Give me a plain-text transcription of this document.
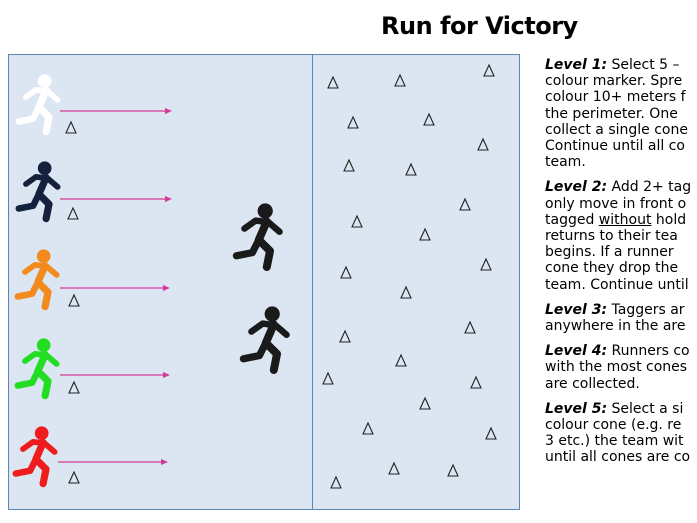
Run for Victory
Level 1: Select 5 –
colour marker. Spre
colour 10+ meters f
the perimeter. One
collect a single cone
Continue until all co
team.
Level 2: Add 2+ tag
only move in front o
tagged without hold
returns to their tea
begins. If a runner
cone they drop the
team. Continue until
Level 3: Taggers ar
anywhere in the are
Level 4: Runners co
with the most cones
are collected.
Level 5: Select a si
colour cone (e.g. re
3 etc.) the team wit
until all cones are co
